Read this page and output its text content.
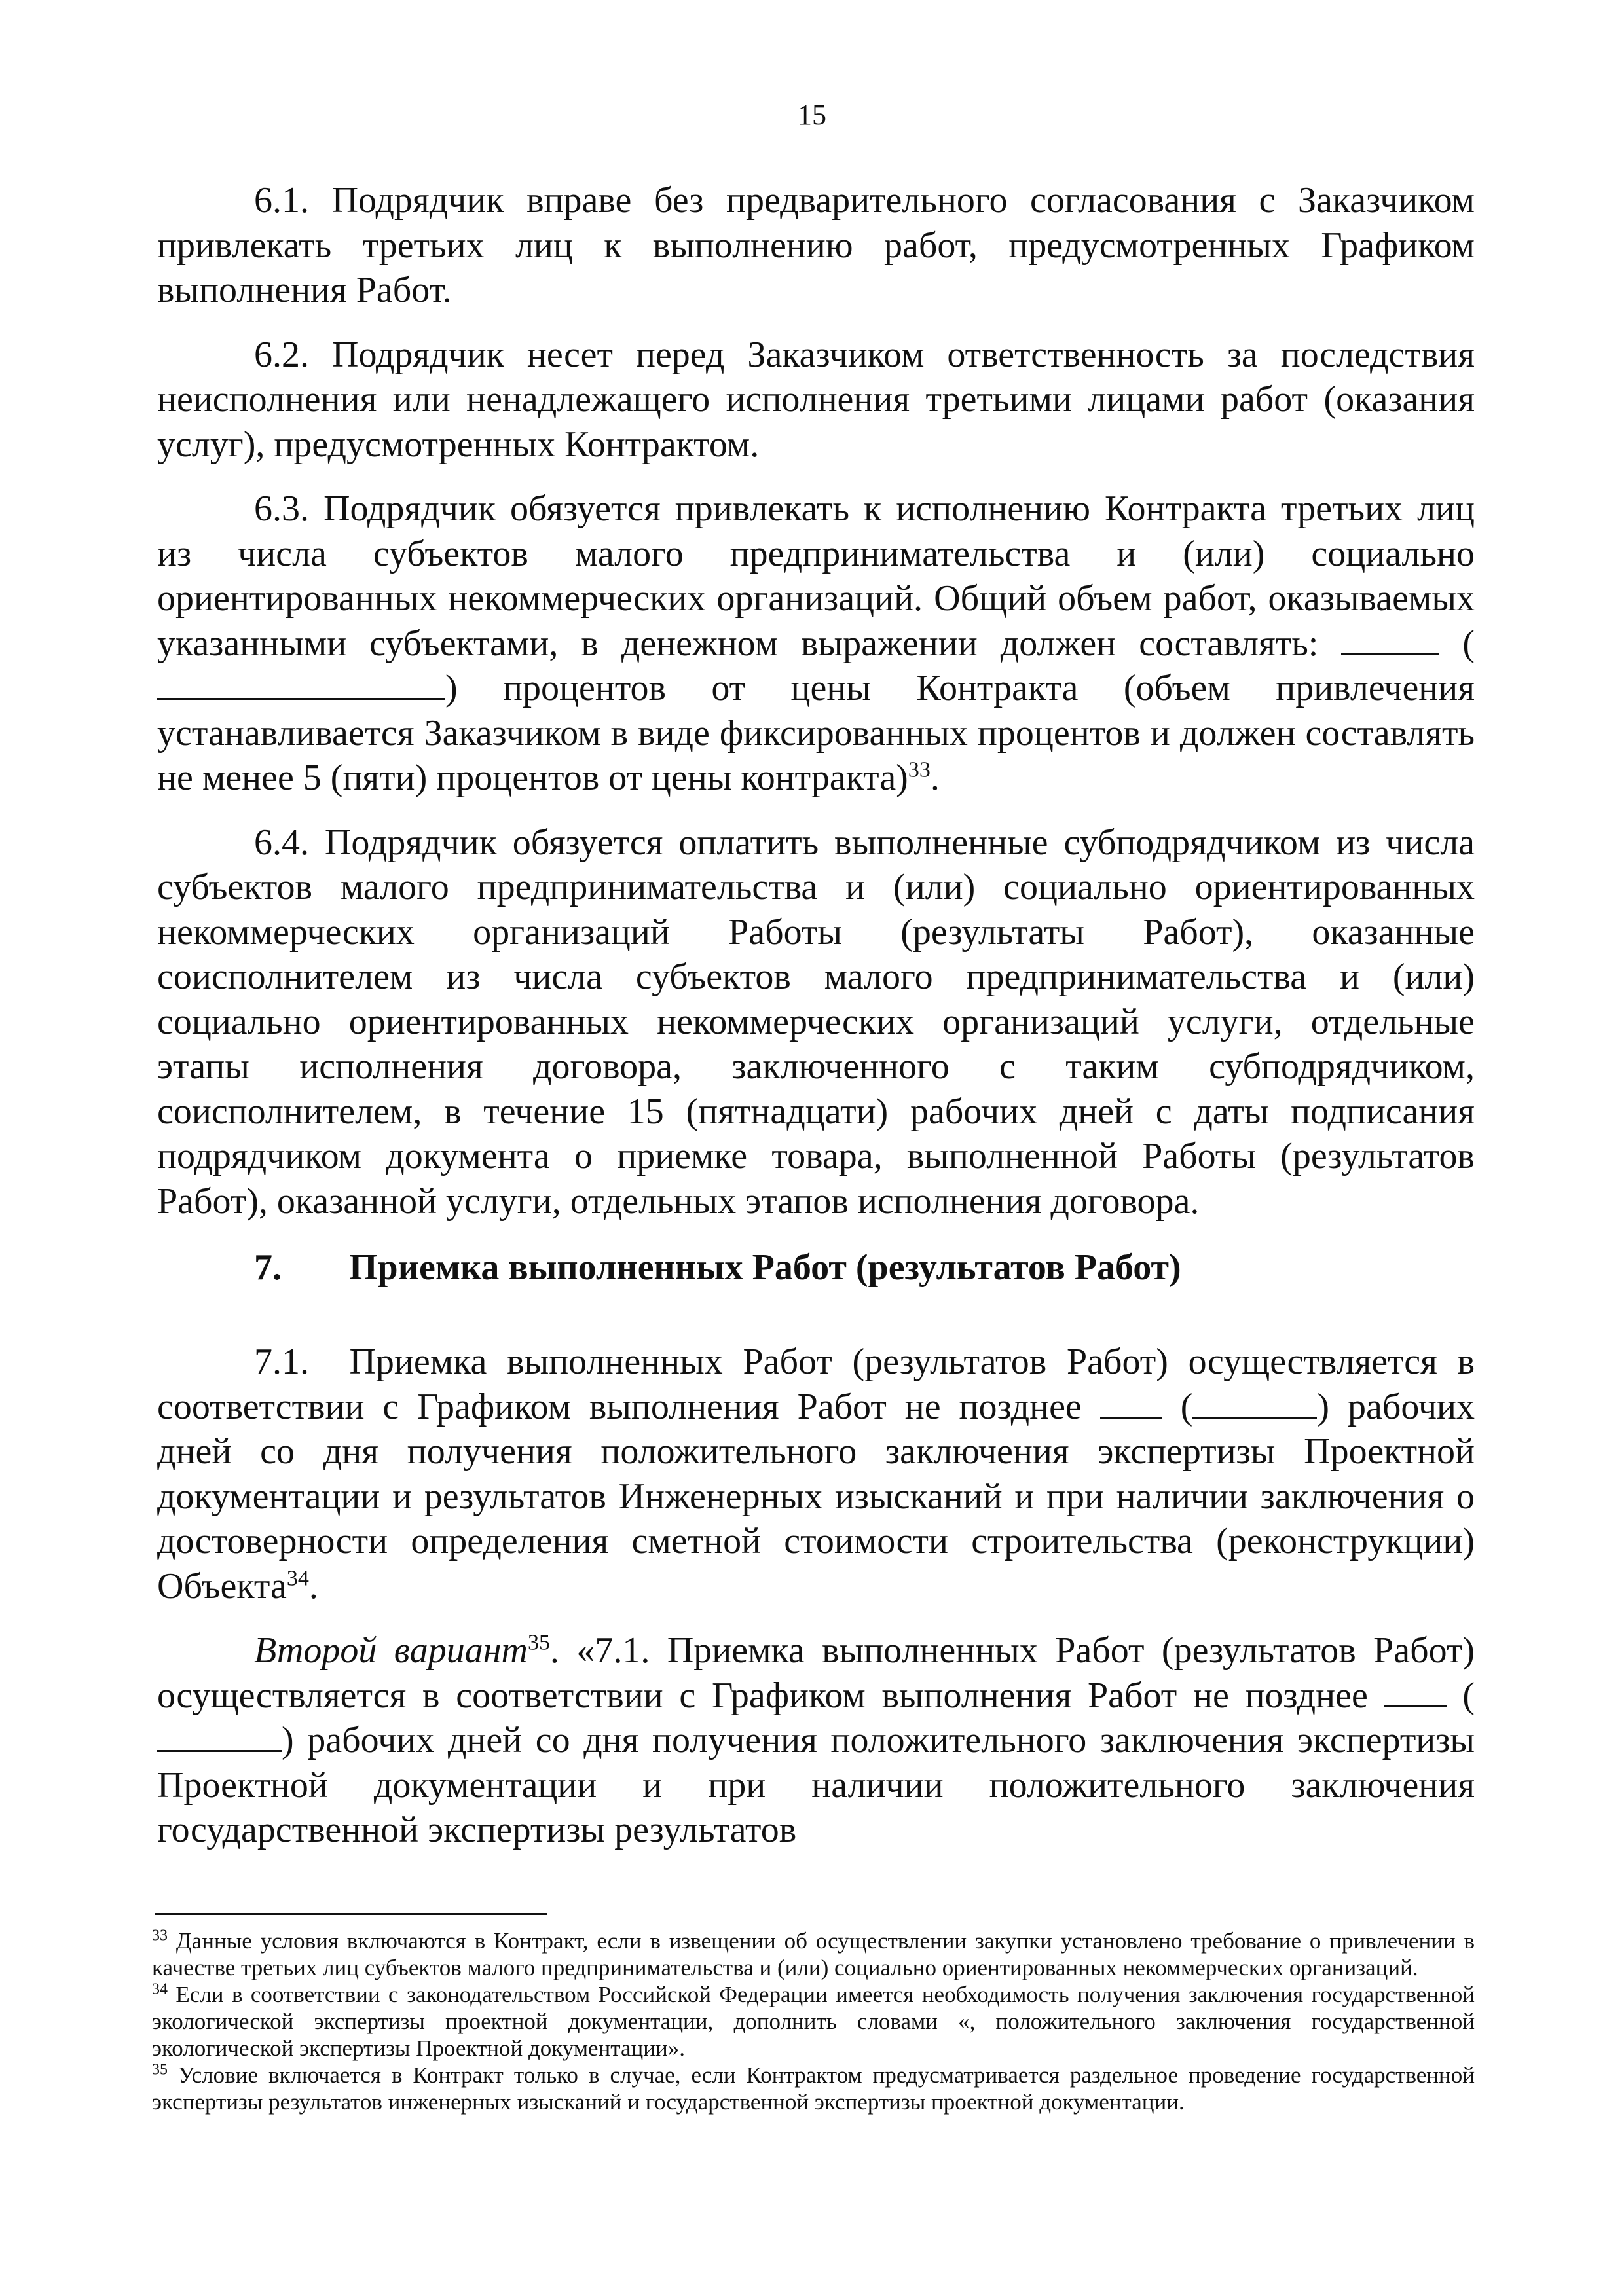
15

6.1. Подрядчик вправе без предварительного согласования с Заказчиком привлекать третьих лиц к выполнению работ, предусмотренных Графиком выполнения Работ.

6.2. Подрядчик несет перед Заказчиком ответственность за последствия неисполнения или ненадлежащего исполнения третьими лицами работ (оказания услуг), предусмотренных Контрактом.

6.3. Подрядчик обязуется привлекать к исполнению Контракта третьих лиц из числа субъектов малого предпринимательства и (или) социально ориентированных некоммерческих организаций. Общий объем работ, оказываемых указанными субъектами, в денежном выражении должен составлять:	() процентов от цены Контракта (объем привлечения устанавливается Заказчиком в виде фиксированных процентов и должен составлять не менее 5 (пяти) процентов от цены контракта)$^{33}$.

6.4. Подрядчик обязуется оплатить выполненные субподрядчиком из числа субъектов малого предпринимательства и (или) социально ориентированных некоммерческих организаций Работы (результаты Работ), оказанные соисполнителем из числа субъектов малого предпринимательства и (или) социально ориентированных некоммерческих организаций услуги, отдельные этапы исполнения договора, заключенного с таким субподрядчиком, соисполнителем, в течение 15 (пятнадцати) рабочих дней с даты подписания подрядчиком документа о приемке товара, выполненной Работы (результатов Работ), оказанной услуги, отдельных этапов исполнения договора.

7. Приемка выполненных Работ (результатов Работ)

7.1. Приемка выполненных Работ (результатов Работ) осуществляется в соответствии с Графиком выполнения Работ не позднее	(	) рабочих дней со дня получения положительного заключения экспертизы Проектной документации и результатов Инженерных изысканий и при наличии заключения о достоверности определения сметной стоимости строительства (реконструкции) Объекта$^{34}$.

Второй вариант$^{35}$. «7.1. Приемка выполненных Работ (результатов Работ) осуществляется в соответствии с Графиком выполнения Работ не позднее	() рабочих дней со дня получения положительного заключения экспертизы Проектной документации и при наличии положительного заключения государственной экспертизы результатов

$^{33}$ Данные условия включаются в Контракт, если в извещении об осуществлении закупки установлено требование о привлечении в качестве третьих лиц субъектов малого предпринимательства и (или) социально ориентированных некоммерческих организаций.

$^{34}$ Если в соответствии с законодательством Российской Федерации имеется необходимость получения заключения государственной экологической экспертизы проектной документации, дополнить словами «, положительного заключения государственной экологической экспертизы Проектной документации».

$^{35}$ Условие включается в Контракт только в случае, если Контрактом предусматривается раздельное проведение государственной экспертизы результатов инженерных изысканий и государственной экспертизы проектной документации.
